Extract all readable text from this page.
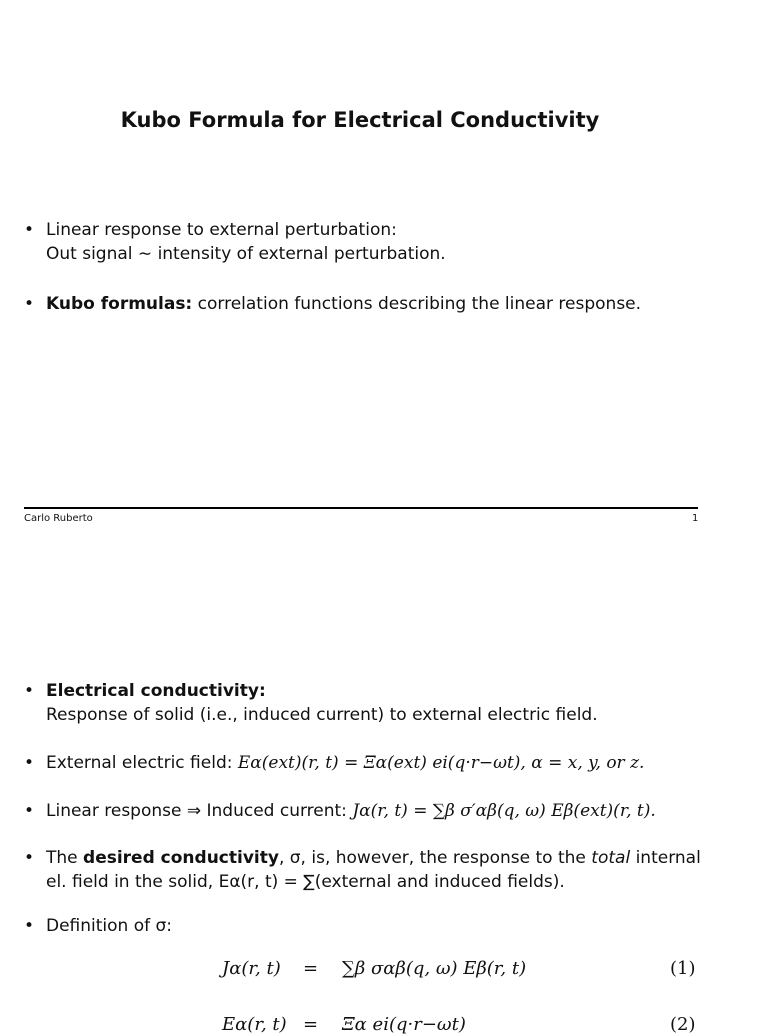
Kubo Formula for Electrical Conductivity
• Linear response to external perturbation:
Out signal ∼ intensity of external perturbation.
• Kubo formulas: correlation functions describing the linear response.
Carlo Ruberto	1
• Electrical conductivity:
Response of solid (i.e., induced current) to external electric field.
• External electric field: Eα(ext)(r, t) = Ξα(ext) ei(q·r−ωt), α = x, y, or z.
• Linear response ⇒ Induced current: Jα(r, t) = ∑β σ′αβ(q, ω) Eβ(ext)(r, t).
• The desired conductivity, σ, is, however, the response to the total internal
el. field in the solid, Eα(r, t) = ∑(external and induced fields).
• Definition of σ:
Jα(r, t) = ∑β σαβ(q, ω) Eβ(r, t)	(1)
Eα(r, t) = Ξα ei(q·r−ωt)	(2)
